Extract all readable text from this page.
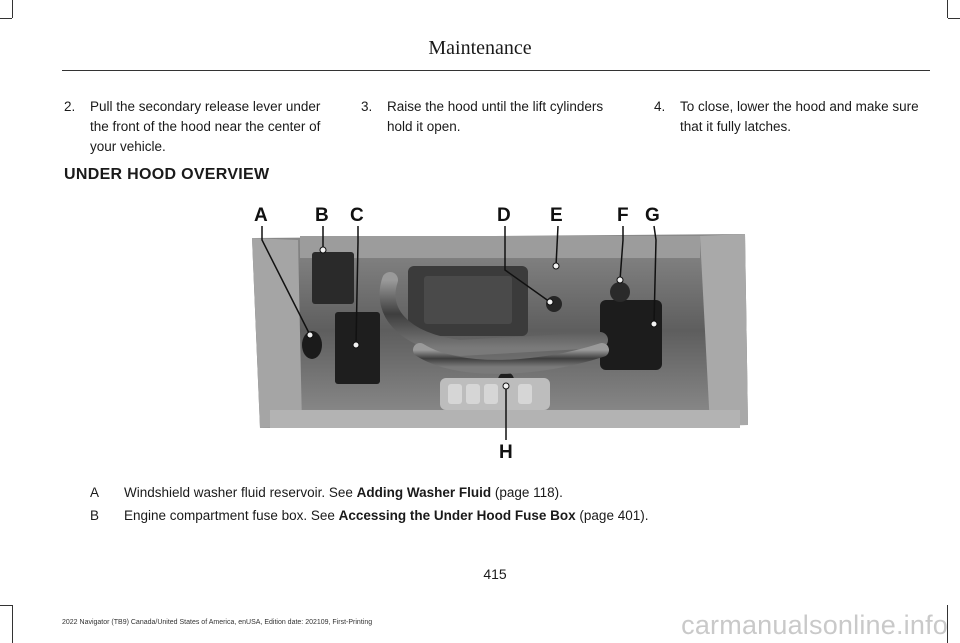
Maintenance
2. Pull the secondary release lever under the front of the hood near the center of your vehicle.
3. Raise the hood until the lift cylinders hold it open.
4. To close, lower the hood and make sure that it fully latches.
UNDER HOOD OVERVIEW
A B C	D E	F G
H
A Windshield washer fluid reservoir. See Adding Washer Fluid (page 118).
B Engine compartment fuse box. See Accessing the Under Hood Fuse Box (page 401).
415
2022 Navigator (TB9) Canada/United States of America, enUSA, Edition date: 202109, First-Printing	carmanualsonline.info
